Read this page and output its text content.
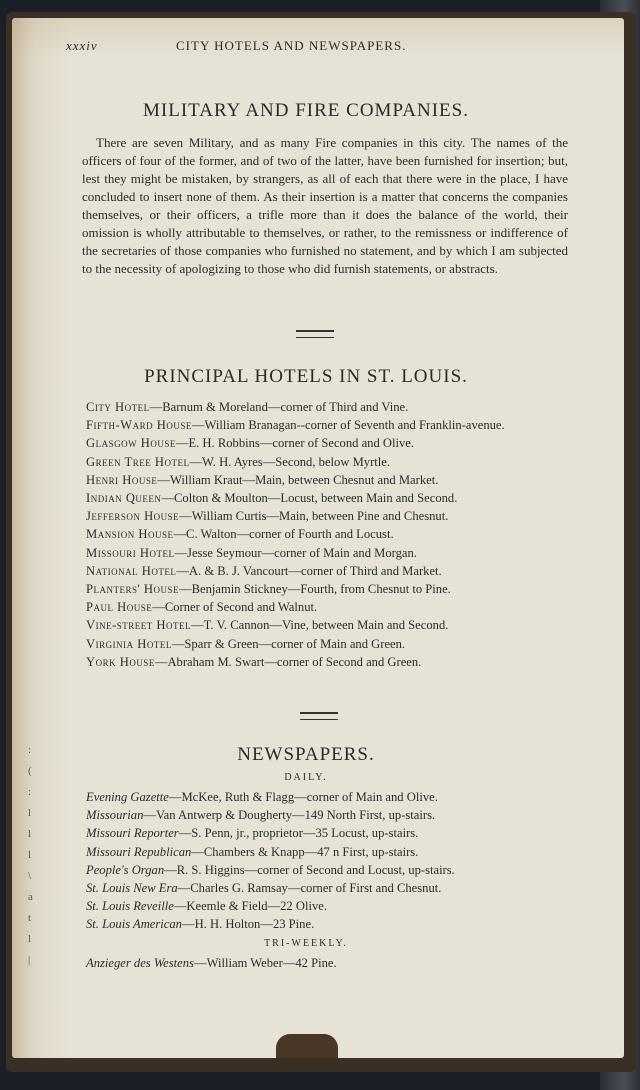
:
(
:
l
l
l
\
a
t
l
|
xxxiv	CITY HOTELS AND NEWSPAPERS.
MILITARY AND FIRE COMPANIES.
There are seven Military, and as many Fire companies in this city. The names of the officers of four of the former, and of two of the latter, have been furnished for insertion; but, lest they might be mistaken, by strangers, as all of each that there were in the place, I have concluded to insert none of them. As their insertion is a matter that concerns the companies themselves, or their officers, a trifle more than it does the balance of the world, their omission is wholly attributable to themselves, or rather, to the remissness or indifference of the secretaries of those companies who furnished no statement, and by which I am subjected to the necessity of apologizing to those who did furnish statements, or abstracts.
PRINCIPAL HOTELS IN ST. LOUIS.
City Hotel—Barnum & Moreland—corner of Third and Vine.
Fifth-Ward House—William Branagan--corner of Seventh and Franklin-avenue.
Glasgow House—E. H. Robbins—corner of Second and Olive.
Green Tree Hotel—W. H. Ayres—Second, below Myrtle.
Henri House—William Kraut—Main, between Chesnut and Market.
Indian Queen—Colton & Moulton—Locust, between Main and Second.
Jefferson House—William Curtis—Main, between Pine and Chesnut.
Mansion House—C. Walton—corner of Fourth and Locust.
Missouri Hotel—Jesse Seymour—corner of Main and Morgan.
National Hotel—A. & B. J. Vancourt—corner of Third and Market.
Planters' House—Benjamin Stickney—Fourth, from Chesnut to Pine.
Paul House—Corner of Second and Walnut.
Vine-street Hotel—T. V. Cannon—Vine, between Main and Second.
Virginia Hotel—Sparr & Green—corner of Main and Green.
York House—Abraham M. Swart—corner of Second and Green.
NEWSPAPERS.
DAILY.
Evening Gazette—McKee, Ruth & Flagg—corner of Main and Olive.
Missourian—Van Antwerp & Dougherty—149 North First, up-stairs.
Missouri Reporter—S. Penn, jr., proprietor—35 Locust, up-stairs.
Missouri Republican—Chambers & Knapp—47 n First, up-stairs.
People's Organ—R. S. Higgins—corner of Second and Locust, up-stairs.
St. Louis New Era—Charles G. Ramsay—corner of First and Chesnut.
St. Louis Reveille—Keemle & Field—22 Olive.
St. Louis American—H. H. Holton—23 Pine.
TRI-WEEKLY.
Anzieger des Westens—William Weber—42 Pine.
